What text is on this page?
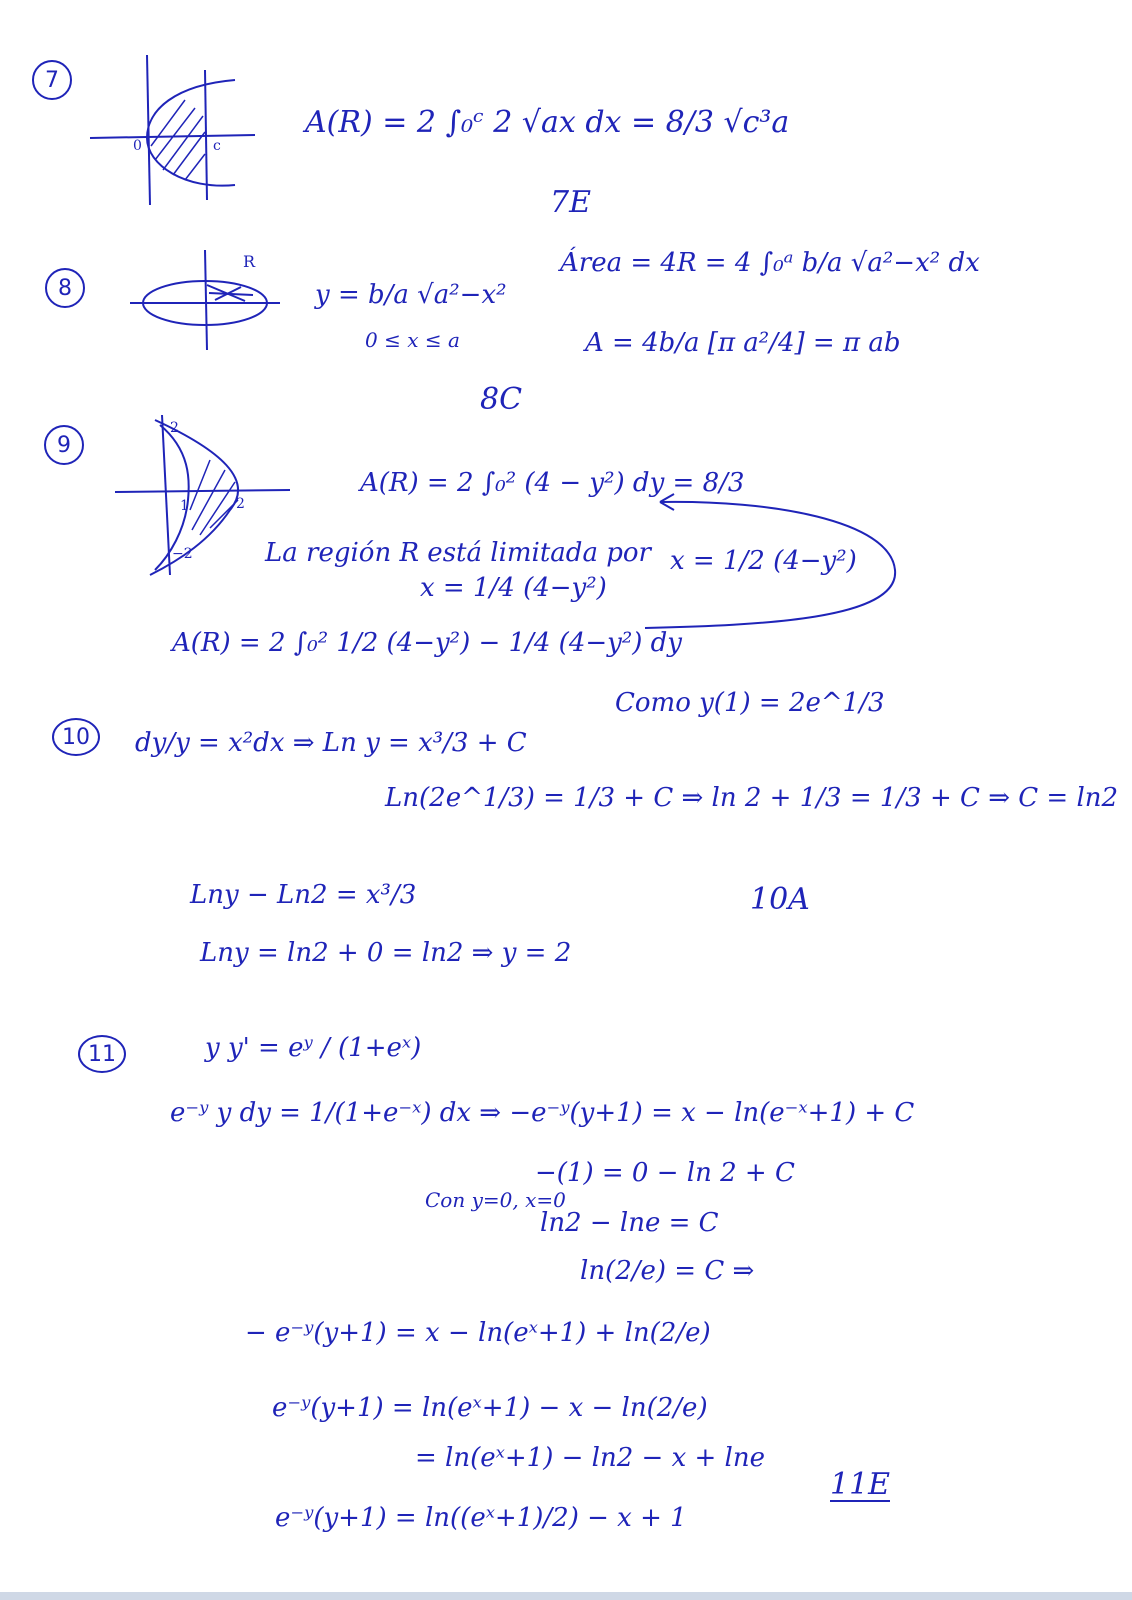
7
0	c
A(R) = 2 ∫₀ᶜ 2 √ax dx = 8/3 √c³a
7E
8
R
y = b/a √a²−x²
0 ≤ x ≤ a
Área = 4R = 4 ∫₀ᵃ b/a √a²−x² dx
A = 4b/a [π a²/4] = π ab
8C
9
2
1	2
−2
A(R) = 2 ∫₀² (4 − y²) dy = 8/3
La región R está limitada por
x = 1/4 (4−y²)
x = 1/2 (4−y²)
A(R) = 2 ∫₀² 1/2 (4−y²) − 1/4 (4−y²) dy
10	dy/y = x²dx ⇒ Ln y = x³/3 + C
Como y(1) = 2e^1/3
Ln(2e^1/3) = 1/3 + C ⇒ ln 2 + 1/3 = 1/3 + C ⇒ C = ln2
Lny − Ln2 = x³/3
Lny = ln2 + 0 = ln2 ⇒ y = 2
10A
11	y y' = eʸ / (1+eˣ)
e⁻ʸ y dy = 1/(1+e⁻ˣ) dx ⇒ −e⁻ʸ(y+1) = x − ln(e⁻ˣ+1) + C
Con y=0, x=0
−(1) = 0 − ln 2 + C
ln2 − lne = C
ln(2/e) = C ⇒
− e⁻ʸ(y+1) = x − ln(eˣ+1) + ln(2/e)
e⁻ʸ(y+1) = ln(eˣ+1) − x − ln(2/e)
= ln(eˣ+1) − ln2 − x + lne
e⁻ʸ(y+1) = ln((eˣ+1)/2) − x + 1
11E
